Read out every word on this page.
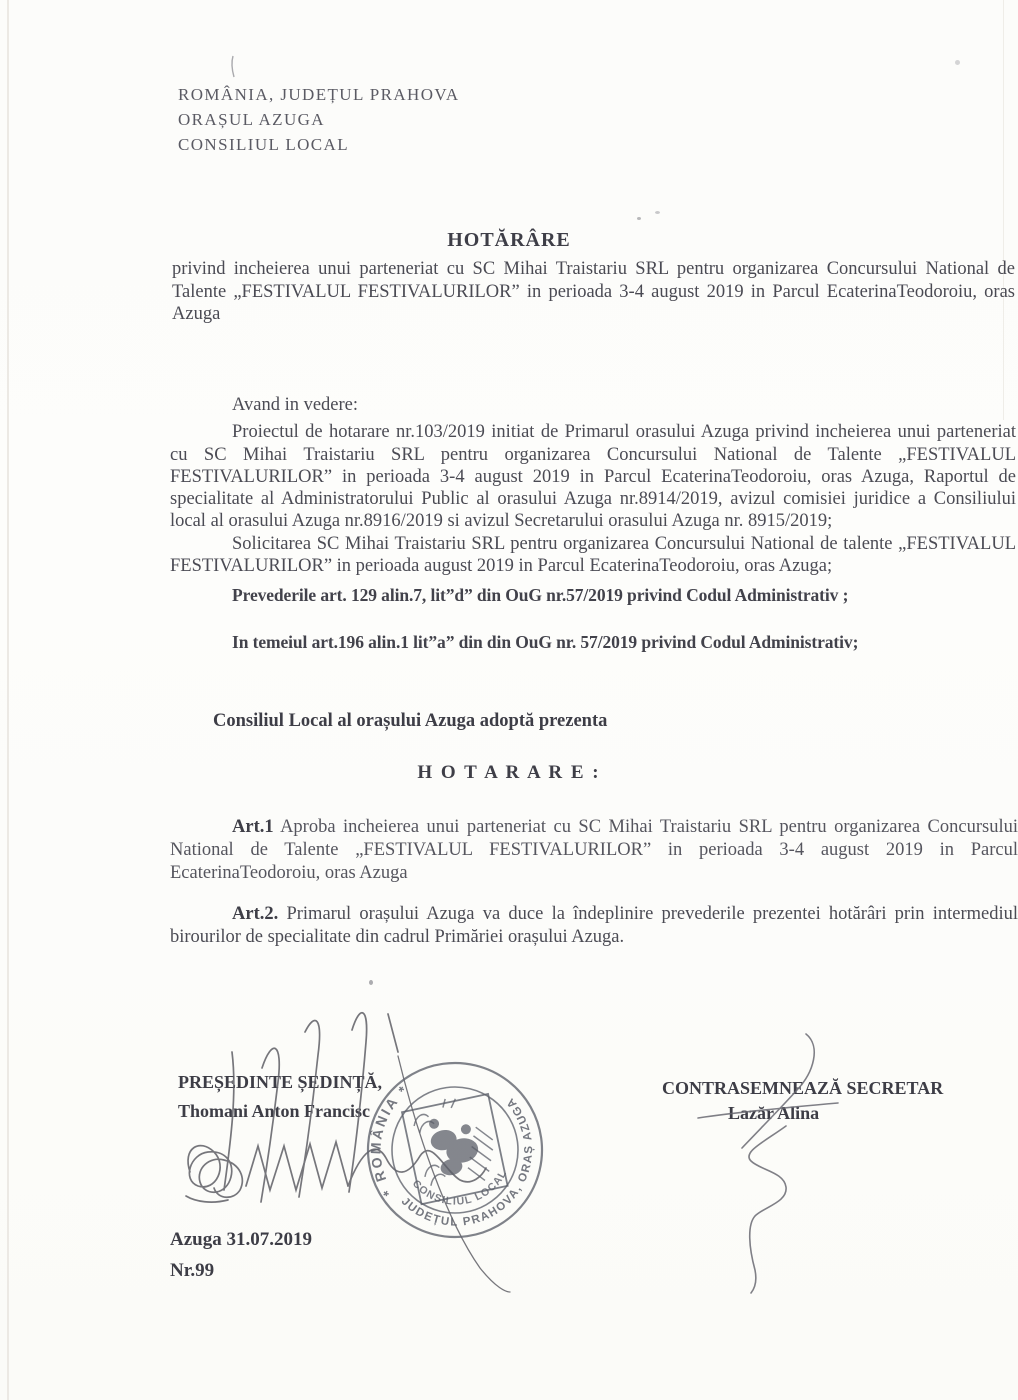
ROMÂNIA, JUDEȚUL PRAHOVA
ORAȘUL AZUGA
CONSILIUL LOCAL
HOTĂRÂRE
privind incheierea unui parteneriat cu SC Mihai Traistariu SRL pentru organizarea Concursului National de Talente „FESTIVALUL FESTIVALURILOR” in perioada 3-4 august 2019 in Parcul EcaterinaTeodoroiu, oras Azuga

Avand in vedere:

Proiectul de hotarare nr.103/2019 initiat de Primarul orasului Azuga privind incheierea unui parteneriat cu SC Mihai Traistariu SRL pentru organizarea Concursului National de Talente „FESTIVALUL FESTIVALURILOR” in perioada 3-4 august 2019 in Parcul EcaterinaTeodoroiu, oras Azuga, Raportul de specialitate al Administratorului Public al orasului Azuga nr.8914/2019, avizul comisiei juridice a Consiliului local al orasului Azuga nr.8916/2019 si avizul Secretarului orasului Azuga nr. 8915/2019;

Solicitarea SC Mihai Traistariu SRL pentru organizarea Concursului National de talente „FESTIVALUL FESTIVALURILOR” in perioada august 2019 in Parcul EcaterinaTeodoroiu, oras Azuga;

Prevederile art. 129 alin.7, lit”d” din OuG nr.57/2019 privind Codul Administrativ ;

In temeiul art.196 alin.1 lit”a” din din OuG nr. 57/2019 privind Codul Administrativ;

Consiliul Local al orașului Azuga adoptă prezenta
H O T A R A R E :

Art.1 Aproba incheierea unui parteneriat cu SC Mihai Traistariu SRL pentru organizarea Concursului National de Talente „FESTIVALUL FESTIVALURILOR” in perioada 3-4 august 2019 in Parcul EcaterinaTeodoroiu, oras Azuga

Art.2. Primarul orașului Azuga va duce la îndeplinire prevederile prezentei hotărâri prin intermediul birourilor de specialitate din cadrul Primăriei orașului Azuga.

PREȘEDINTE ȘEDINȚĂ,
Thomani Anton Francisc
CONTRASEMNEAZĂ SECRETAR
Lazăr Alina
Azuga 31.07.2019
Nr.99
* ROMÂNIA *
JUDEȚUL PRAHOVA, ORAȘ AZUGA
CONSILIUL LOCAL
